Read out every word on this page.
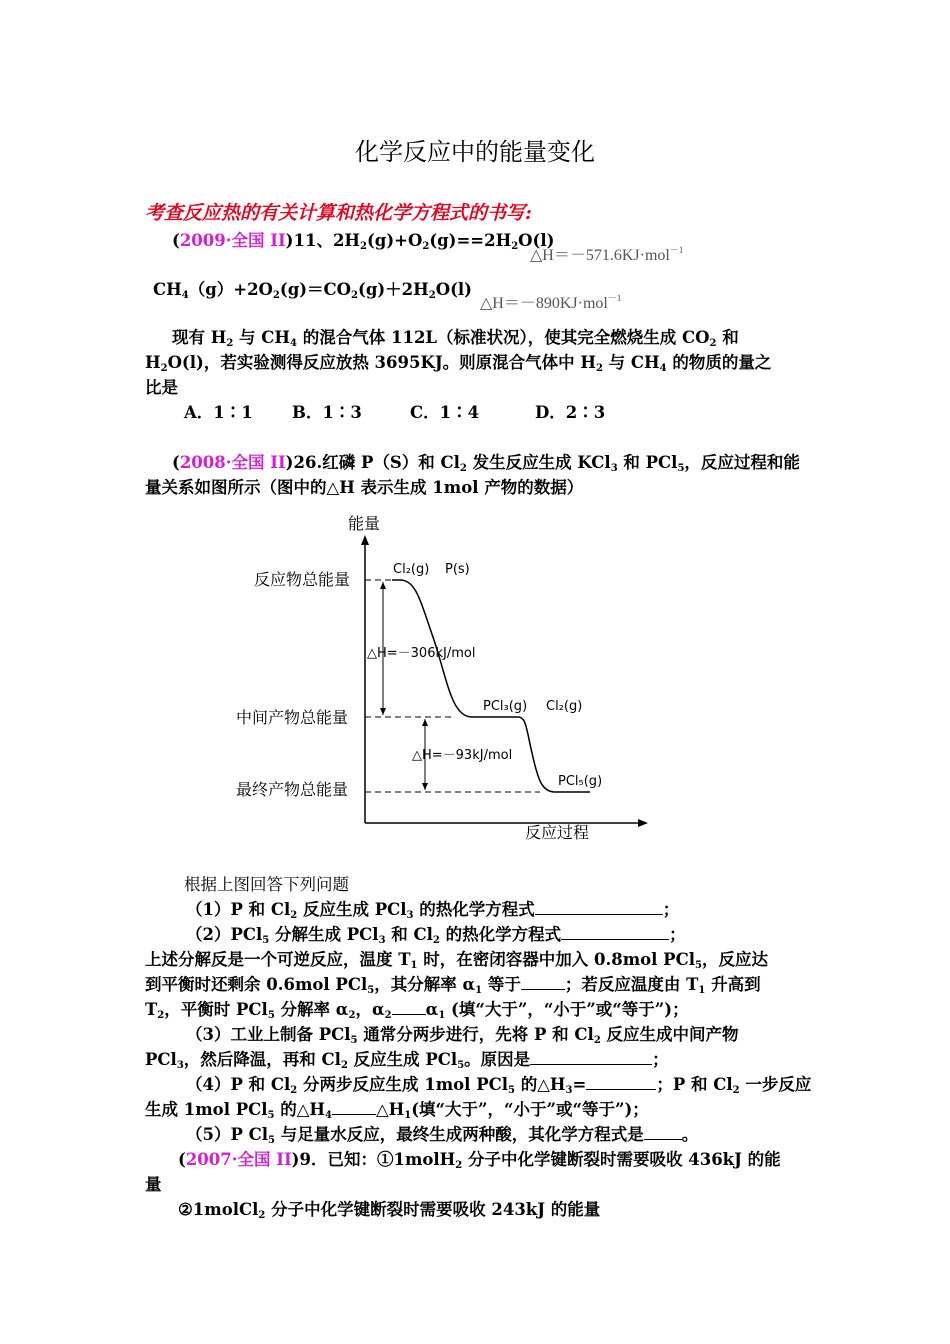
化学反应中的能量变化
考查反应热的有关计算和热化学方程式的书写:
(2009·全国 II)11、$2H_2(g)+O_2(g)==2H_2O(l)$
△H＝－571.6KJ·mol$^{-1}$
$CH_4(g)+2O_2(g)=CO_2(g)+2H_2O(l)$
△H＝－890KJ·mol$^{-1}$
现有 $H_2$ 与 $CH_4$ 的混合气体 112L（标准状况），使其完全燃烧生成 $CO_2$ 和
$H_2O(l)$，若实验测得反应放热 3695KJ。则原混合气体中 $H_2$ 与 $CH_4$ 的物质的量之
比是
A．1∶1 B．1∶3	C．1∶4	D．2∶3
(2008·全国 II)26.红磷 P（S）和 $Cl_2$ 发生反应生成 KCl$_3$ 和 PCl$_5$，反应过程和能
量关系如图所示（图中的△H 表示生成 1mol 产物的数据）
能量
反应过程
反应物总能量
中间产物总能量
最终产物总能量
△H=－306kJ/mol
△H=－93kJ/mol
Cl₂(g) P(s)
PCl₃(g) Cl₂(g)
PCl₅(g)
根据上图回答下列问题
（1）P 和 $Cl_2$ 反应生成 PCl$_3$ 的热化学方程式	；
（2）PCl$_5$ 分解生成 PCl$_3$ 和 $Cl_2$ 的热化学方程式	；
上述分解反是一个可逆反应，温度 $T_1$ 时，在密闭容器中加入 0.8mol PCl$_5$，反应达
到平衡时还剩余 0.6mol PCl$_5$，其分解率 $\alpha_1$ 等于	；若反应温度由 $T_1$ 升高到
$T_2$，平衡时 PCl$_5$ 分解率 $\alpha_2$，$\alpha_2$ $\alpha_1$ (填“大于”，“小于”或“等于”)；
（3）工业上制备 PCl$_5$ 通常分两步进行，先将 P 和 $Cl_2$ 反应生成中间产物
PCl$_3$，然后降温，再和 $Cl_2$ 反应生成 PCl$_5$。原因是	；
（4）P 和 $Cl_2$ 分两步反应生成 1mol PCl$_5$ 的$\triangle H_3=$	；P 和 $Cl_2$ 一步反应
生成 1mol PCl$_5$ 的$\triangle H_4$	$\triangle H_1$(填“大于”，“小于”或“等于”)；
（5）P $Cl_5$ 与足量水反应，最终生成两种酸，其化学方程式是 。
(2007·全国 II)9．已知：①1molH$_2$ 分子中化学键断裂时需要吸收 436kJ 的能
量
②1molCl$_2$ 分子中化学键断裂时需要吸收 243kJ 的能量
